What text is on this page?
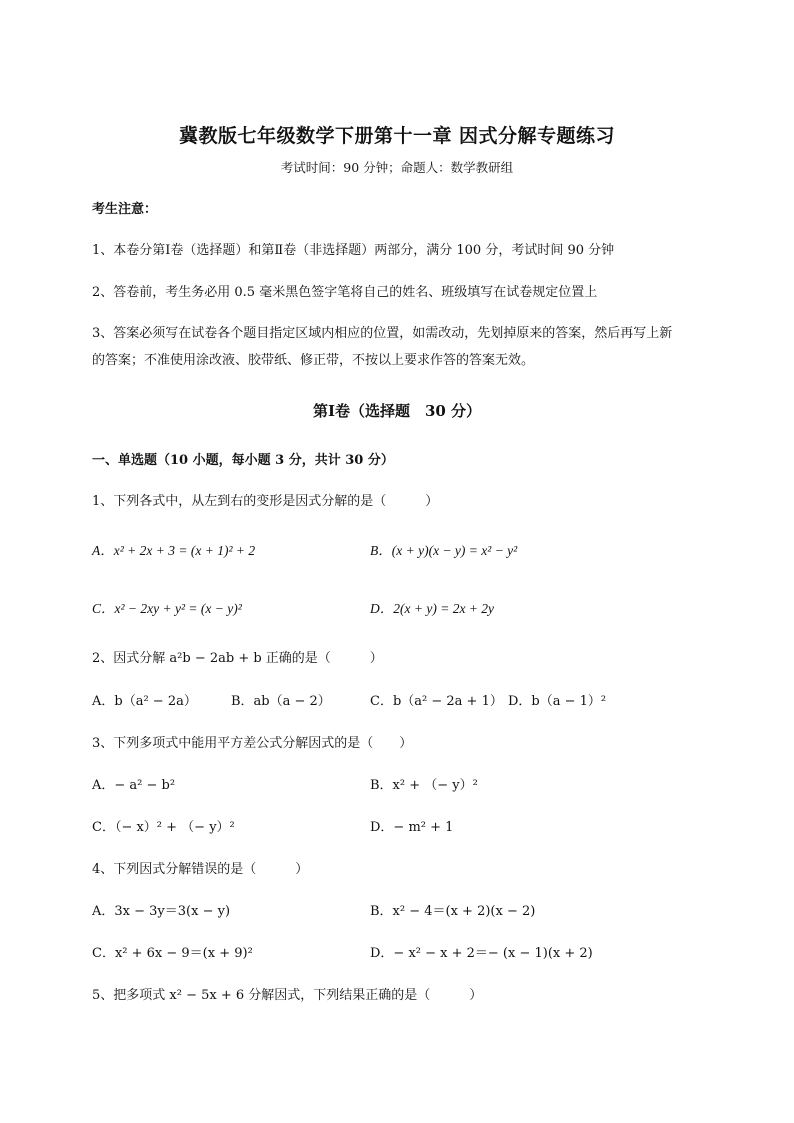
冀教版七年级数学下册第十一章 因式分解专题练习
考试时间：90 分钟；命题人：数学教研组
考生注意：
1、本卷分第Ⅰ卷（选择题）和第Ⅱ卷（非选择题）两部分，满分 100 分，考试时间 90 分钟
2、答卷前，考生务必用 0.5 毫米黑色签字笔将自己的姓名、班级填写在试卷规定位置上
3、答案必须写在试卷各个题目指定区域内相应的位置，如需改动，先划掉原来的答案，然后再写上新
的答案；不准使用涂改液、胶带纸、修正带，不按以上要求作答的答案无效。
第Ⅰ卷（选择题　30 分）
一、单选题（10 小题，每小题 3 分，共计 30 分）
1、下列各式中，从左到右的变形是因式分解的是（　　　）
A．x² + 2x + 3 = (x + 1)² + 2	B．(x + y)(x − y) = x² − y²
C．x² − 2xy + y² = (x − y)²	D．2(x + y) = 2x + 2y
2、因式分解 a²b − 2ab + b 正确的是（　　　）
A．b（a² − 2a）	B．ab（a − 2）	C．b（a² − 2a + 1） D．b（a − 1）²
3、下列多项式中能用平方差公式分解因式的是（　　）
A．− a² − b²	B．x² + （− y）²
C．（− x）² + （− y）²	D．− m² + 1
4、下列因式分解错误的是（　　　）
A．3x − 3y＝3(x − y)	B．x² − 4＝(x + 2)(x − 2)
C．x² + 6x − 9＝(x + 9)²	D．− x² − x + 2＝− (x − 1)(x + 2)
5、把多项式 x² − 5x + 6 分解因式，下列结果正确的是（　　　）
